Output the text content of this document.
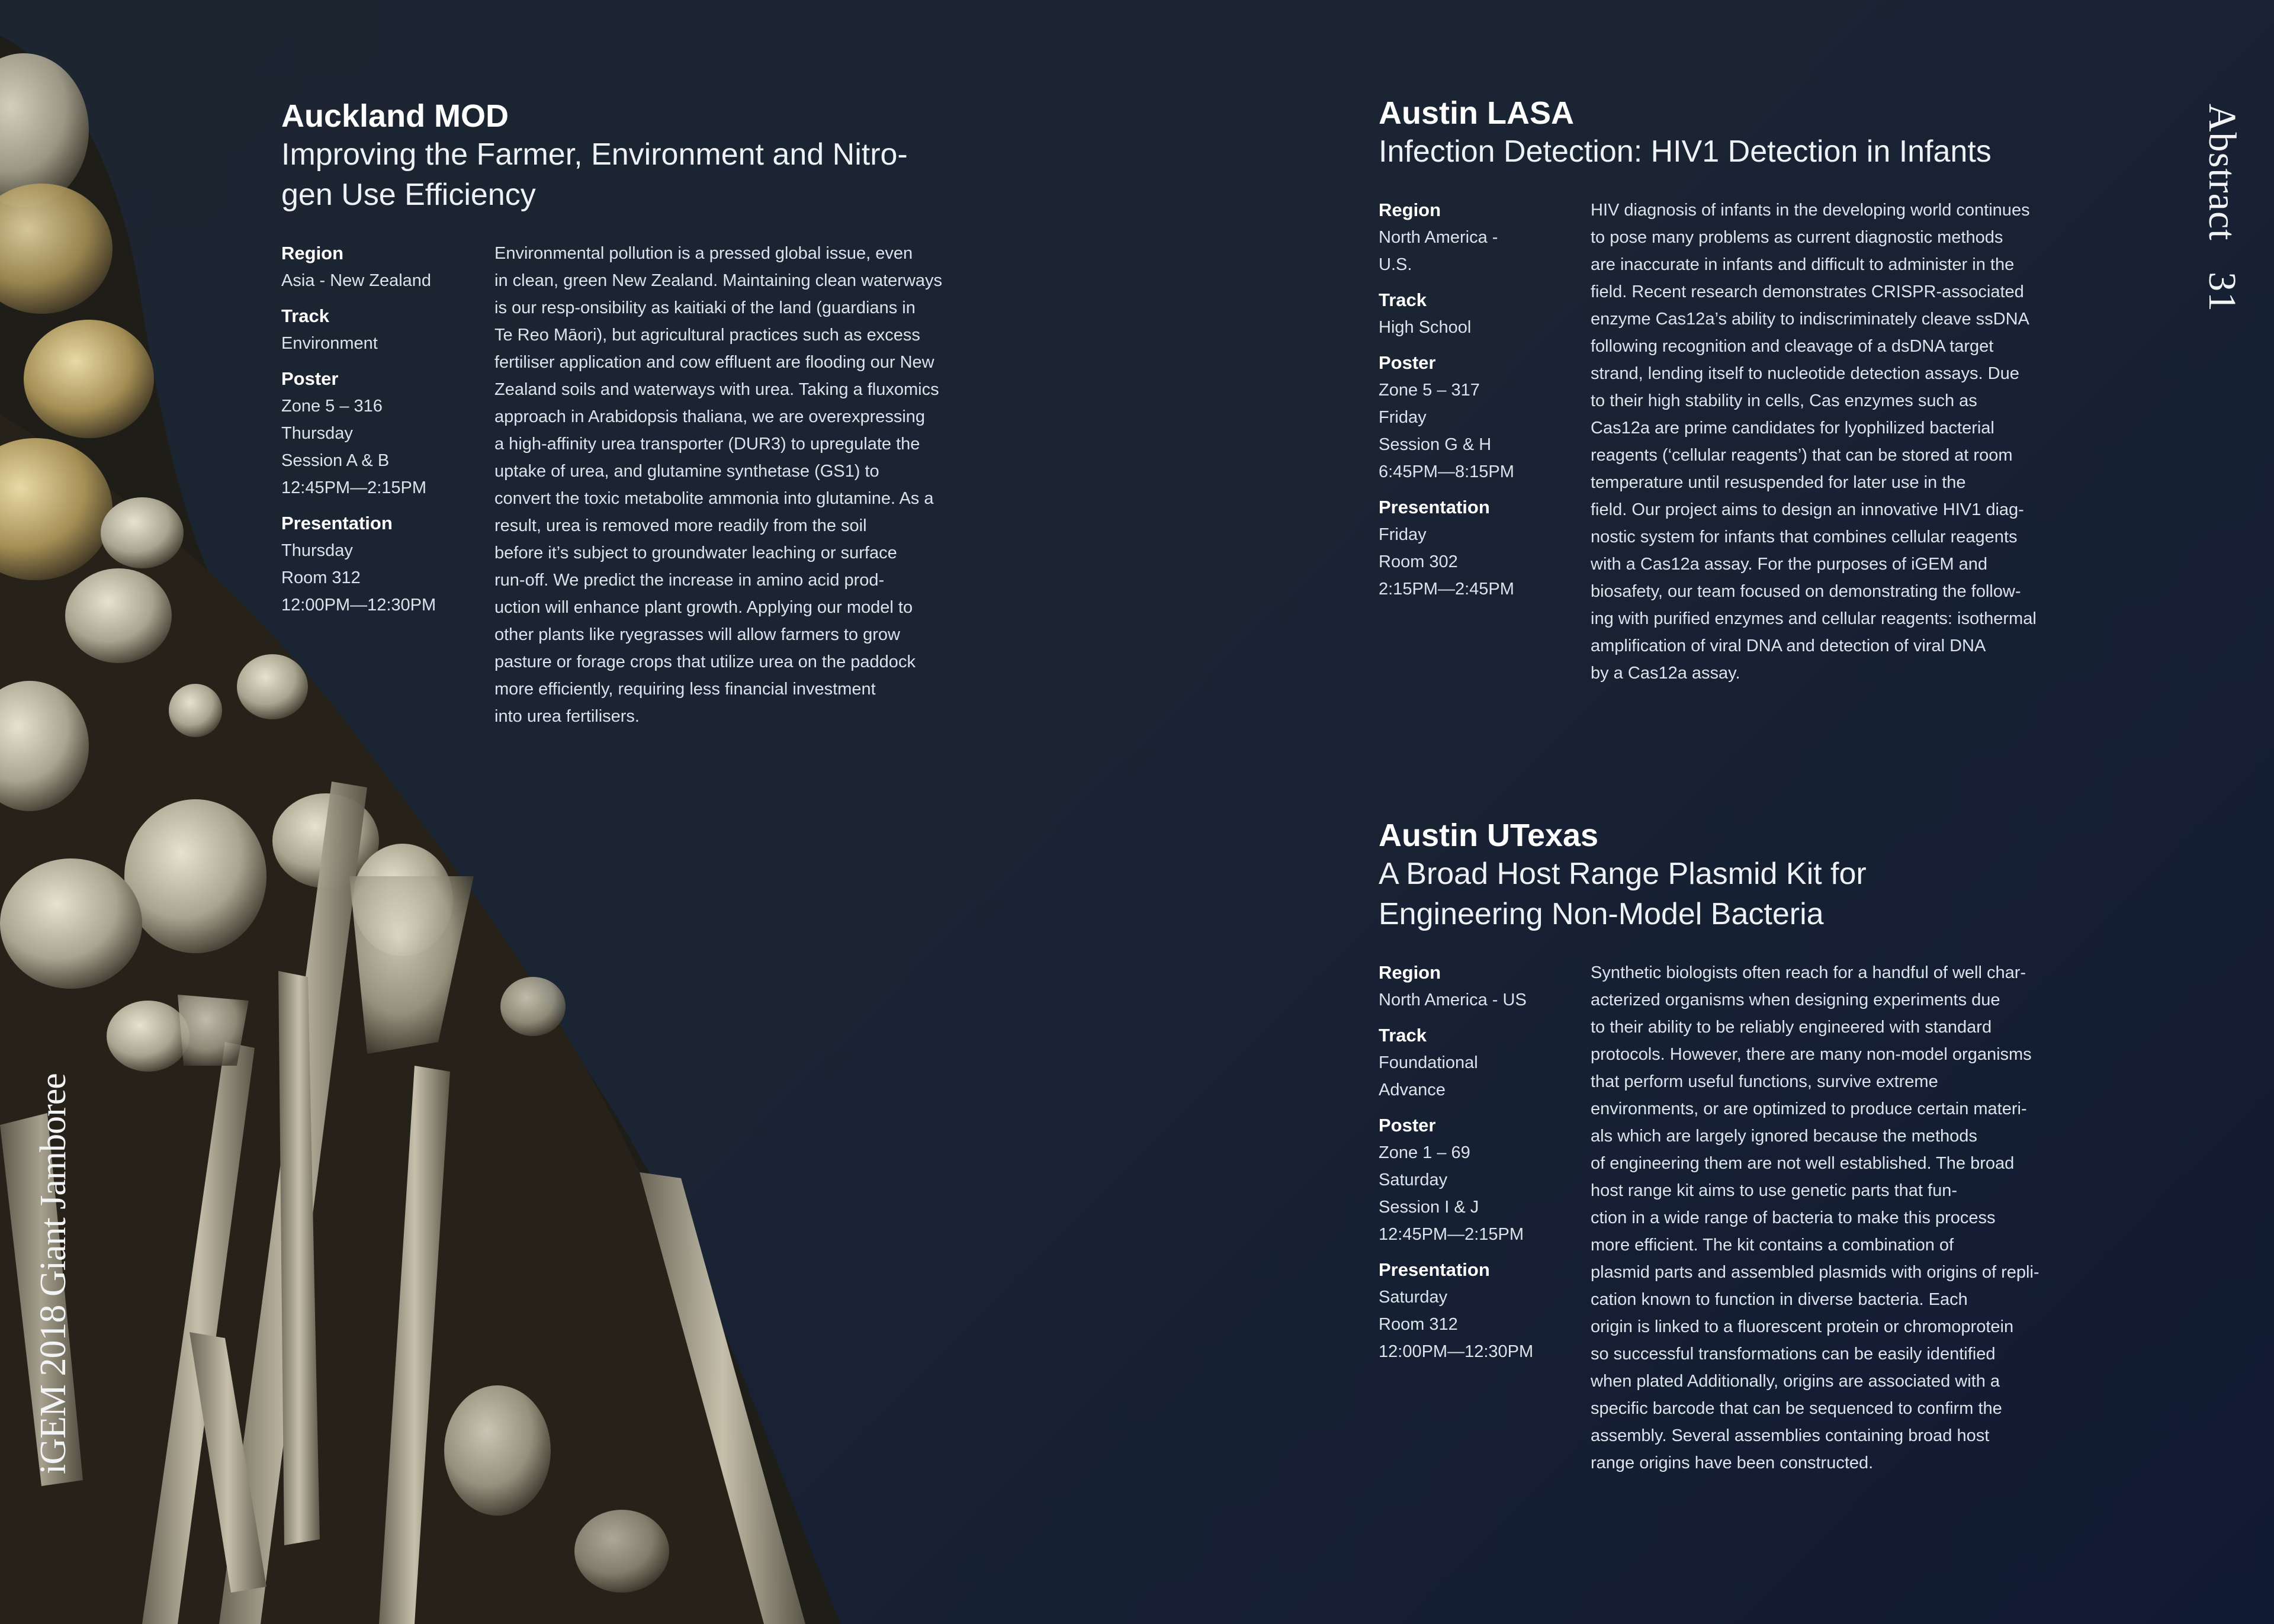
iGEM 2018 Giant Jamboree
Abstract   31
Auckland MOD
Improving the Farmer, Environment and Nitro-
gen Use Efficiency
Region
Asia - New Zealand
Track
Environment
Poster
Zone 5 – 316
Thursday
Session A & B
12:45PM—2:15PM
Presentation
Thursday
Room 312
12:00PM—12:30PM
Environmental pollution is a pressed global issue, even
in clean, green New Zealand. Maintaining clean waterways
is our resp-onsibility as kaitiaki of the land (guardians in
Te Reo Māori), but agricultural practices such as excess
fertiliser application and cow effluent are flooding our New
Zealand soils and waterways with urea. Taking a fluxomics
approach in Arabidopsis thaliana, we are overexpressing
a high-affinity urea transporter (DUR3) to upregulate the
uptake of urea, and glutamine synthetase (GS1) to
convert the toxic metabolite ammonia into glutamine. As a
result, urea is removed more readily from the soil
before it’s subject to groundwater leaching or surface
run-off. We predict the increase in amino acid prod-
uction will enhance plant growth. Applying our model to
other plants like ryegrasses will allow farmers to grow
pasture or forage crops that utilize urea on the paddock
more efficiently, requiring less financial investment
into urea fertilisers.
Austin LASA
Infection Detection: HIV1 Detection in Infants
Region
North America -
U.S.
Track
High School
Poster
Zone 5 – 317
Friday
Session G & H
6:45PM—8:15PM
Presentation
Friday
Room 302
2:15PM—2:45PM
HIV diagnosis of infants in the developing world continues
to pose many problems as current diagnostic methods
are inaccurate in infants and difficult to administer in the
field. Recent research demonstrates CRISPR-associated
enzyme Cas12a’s ability to indiscriminately cleave ssDNA
following recognition and cleavage of a dsDNA target
strand, lending itself to nucleotide detection assays. Due
to their high stability in cells, Cas enzymes such as
Cas12a are prime candidates for lyophilized bacterial
reagents (‘cellular reagents’) that can be stored at room
temperature until resuspended for later use in the
field. Our project aims to design an innovative HIV1 diag-
nostic system for infants that combines cellular reagents
with a Cas12a assay. For the purposes of iGEM and
biosafety, our team focused on demonstrating the follow-
ing with purified enzymes and cellular reagents: isothermal
amplification of viral DNA and detection of viral DNA
by a Cas12a assay.
Austin UTexas
A Broad Host Range Plasmid Kit for
Engineering Non-Model Bacteria
Region
North America - US
Track
Foundational
Advance
Poster
Zone 1 – 69
Saturday
Session I & J
12:45PM—2:15PM
Presentation
Saturday
Room 312
12:00PM—12:30PM
Synthetic biologists often reach for a handful of well char-
acterized organisms when designing experiments due
to their ability to be reliably engineered with standard
protocols. However, there are many non-model organisms
that perform useful functions, survive extreme
environments, or are optimized to produce certain materi-
als which are largely ignored because the methods
of engineering them are not well established. The broad
host range kit aims to use genetic parts that fun-
ction in a wide range of bacteria to make this process
more efficient. The kit contains a combination of
plasmid parts and assembled plasmids with origins of repli-
cation known to function in diverse bacteria. Each
origin is linked to a fluorescent protein or chromoprotein
so successful transformations can be easily identified
when plated Additionally, origins are associated with a
specific barcode that can be sequenced to confirm the
assembly. Several assemblies containing broad host
range origins have been constructed.
